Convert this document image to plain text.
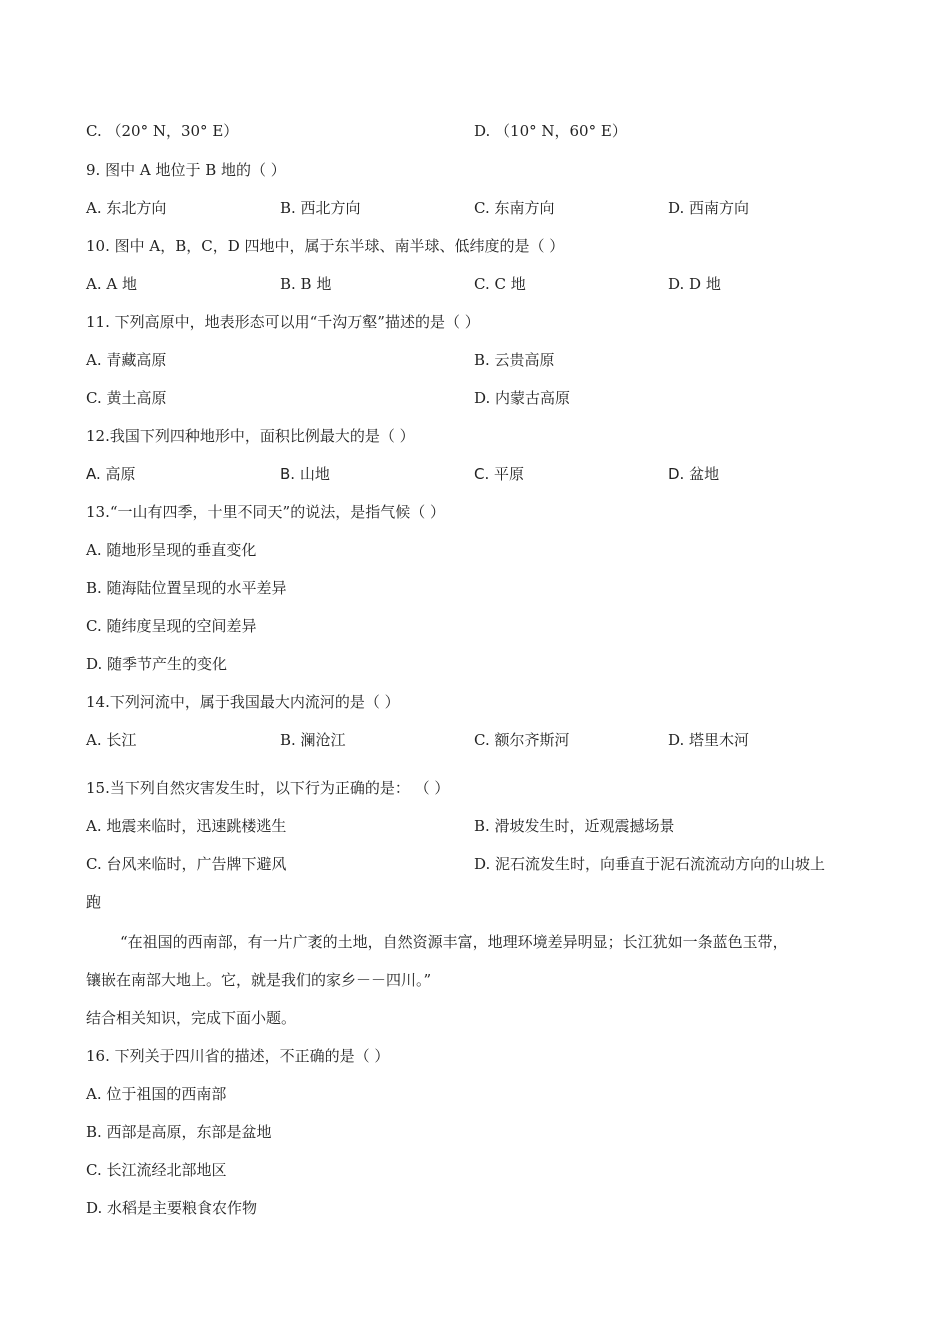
C. （20° N，30° E）	D. （10° N，60° E）
9. 图中 A 地位于 B 地的（ ）
A. 东北方向	B. 西北方向	C. 东南方向	D. 西南方向
10. 图中 A，B，C，D 四地中，属于东半球、南半球、低纬度的是（ ）
A. A 地	B. B 地	C. C 地	D. D 地
11. 下列高原中，地表形态可以用“千沟万壑”描述的是（ ）
A. 青藏高原	B. 云贵高原
C. 黄土高原	D. 内蒙古高原
12.我国下列四种地形中，面积比例最大的是（ ）
A. 高原	B. 山地	C. 平原	D. 盆地
13.“一山有四季，十里不同天”的说法，是指气候（ ）
A. 随地形呈现的垂直变化
B. 随海陆位置呈现的水平差异
C. 随纬度呈现的空间差异
D. 随季节产生的变化
14.下列河流中，属于我国最大内流河的是（ ）
A. 长江	B. 澜沧江	C. 额尔齐斯河	D. 塔里木河
15.当下列自然灾害发生时，以下行为正确的是： （ ）
A. 地震来临时，迅速跳楼逃生	B. 滑坡发生时，近观震撼场景
C. 台风来临时，广告牌下避风	D. 泥石流发生时，向垂直于泥石流流动方向的山坡上
跑
“在祖国的西南部，有一片广袤的土地，自然资源丰富，地理环境差异明显；长江犹如一条蓝色玉带，
镶嵌在南部大地上。它，就是我们的家乡－－四川。”
结合相关知识，完成下面小题。
16. 下列关于四川省的描述，不正确的是（ ）
A. 位于祖国的西南部
B. 西部是高原，东部是盆地
C. 长江流经北部地区
D. 水稻是主要粮食农作物
